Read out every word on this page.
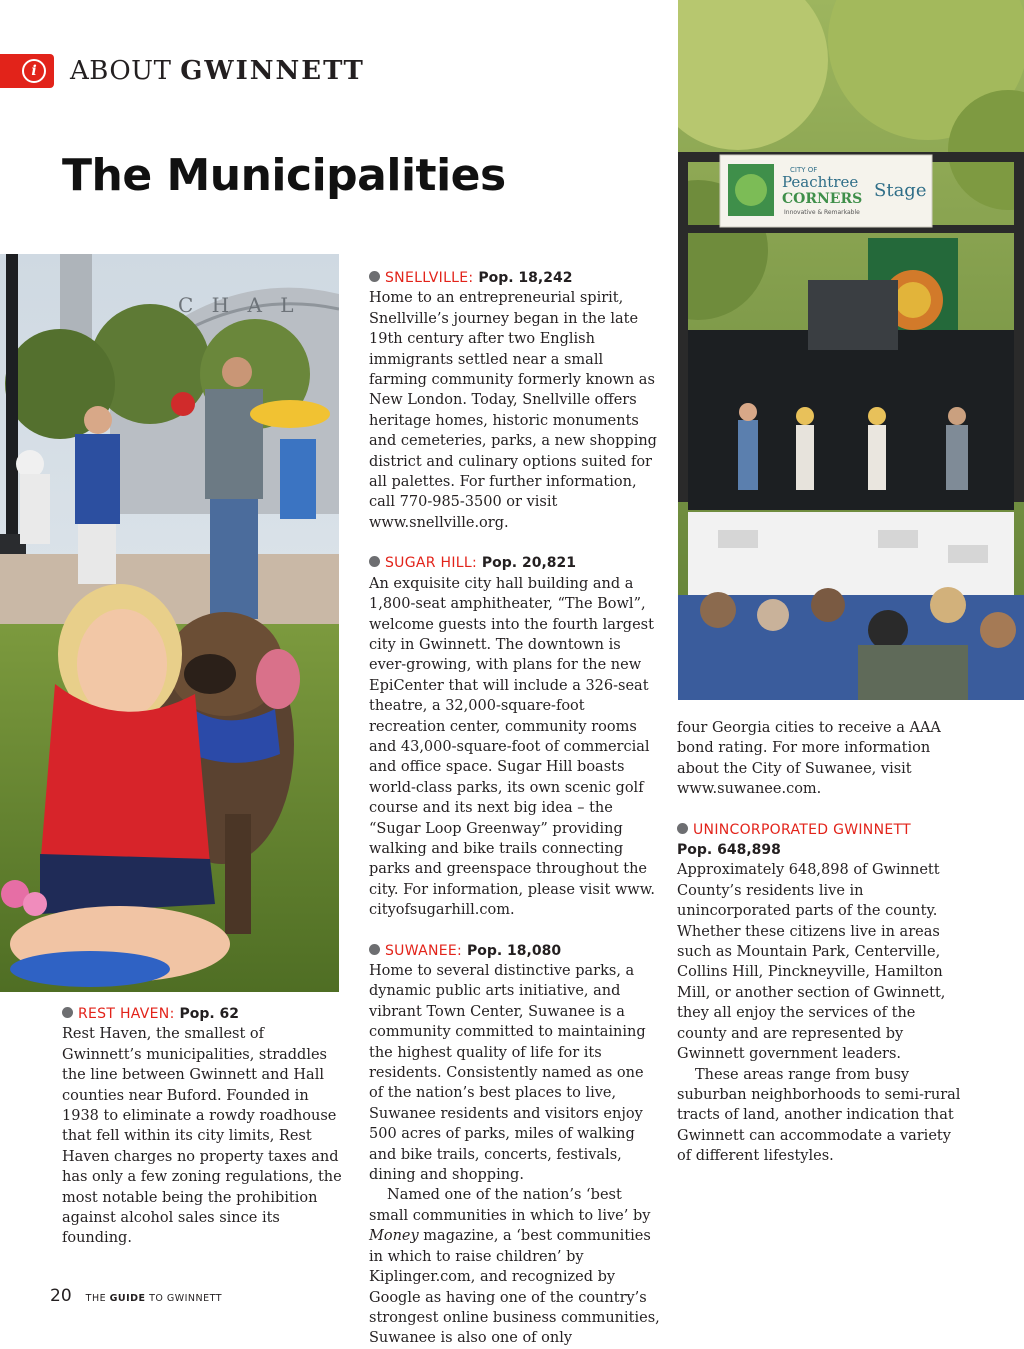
i	ABOUT GWINNETT
The Municipalities
C H A L
CITY OF
Peachtree
CORNERS
Innovative & Remarkable
Stage
SNELLVILLE: Pop. 18,242

Home to an entrepreneurial spirit, Snellville’s journey began in the late 19th century after two English immigrants settled near a small farming community formerly known as New London. Today, Snellville offers heritage homes, historic monuments and cemeteries, parks, a new shopping district and culinary options suited for all palettes. For further information, call 770-985-3500 or visit www.snellville.org.

SUGAR HILL: Pop. 20,821

An exquisite city hall building and a 1,800-seat amphitheater, “The Bowl”, welcome guests into the fourth largest city in Gwinnett. The downtown is ever-growing, with plans for the new EpiCenter that will include a 326-seat theatre, a 32,000-square-foot recreation center, community rooms and 43,000-square-foot of commercial and office space. Sugar Hill boasts world-class parks, its own scenic golf course and its next big idea – the “Sugar Loop Greenway” providing walking and bike trails connecting parks and greenspace throughout the city. For information, please visit www. cityofsugarhill.com.

SUWANEE: Pop. 18,080

Home to several distinctive parks, a dynamic public arts initiative, and vibrant Town Center, Suwanee is a community committed to maintaining the highest quality of life for its residents. Consistently named as one of the nation’s best places to live, Suwanee residents and visitors enjoy 500 acres of parks, miles of walking and bike trails, concerts, festivals, dining and shopping.

Named one of the nation’s ‘best small communities in which to live’ by Money magazine, a ‘best communities in which to raise children’ by Kiplinger.com, and recognized by Google as having one of the country’s strongest online business communities, Suwanee is also one of only

REST HAVEN: Pop. 62

Rest Haven, the smallest of Gwinnett’s municipalities, straddles the line between Gwinnett and Hall counties near Buford. Founded in 1938 to eliminate a rowdy roadhouse that fell within its city limits, Rest Haven charges no property taxes and has only a few zoning regulations, the most notable being the prohibition against alcohol sales since its founding.

four Georgia cities to receive a AAA bond rating. For more information about the City of Suwanee, visit www.suwanee.com.

UNINCORPORATED GWINNETT
Pop. 648,898

Approximately 648,898 of Gwinnett County’s residents live in unincorporated parts of the county. Whether these citizens live in areas such as Mountain Park, Centerville, Collins Hill, Pinckneyville, Hamilton Mill, or another section of Gwinnett, they all enjoy the services of the county and are represented by Gwinnett government leaders.

These areas range from busy suburban neighborhoods to semi-rural tracts of land, another indication that Gwinnett can accommodate a variety of different lifestyles.

20 THE GUIDE TO GWINNETT
